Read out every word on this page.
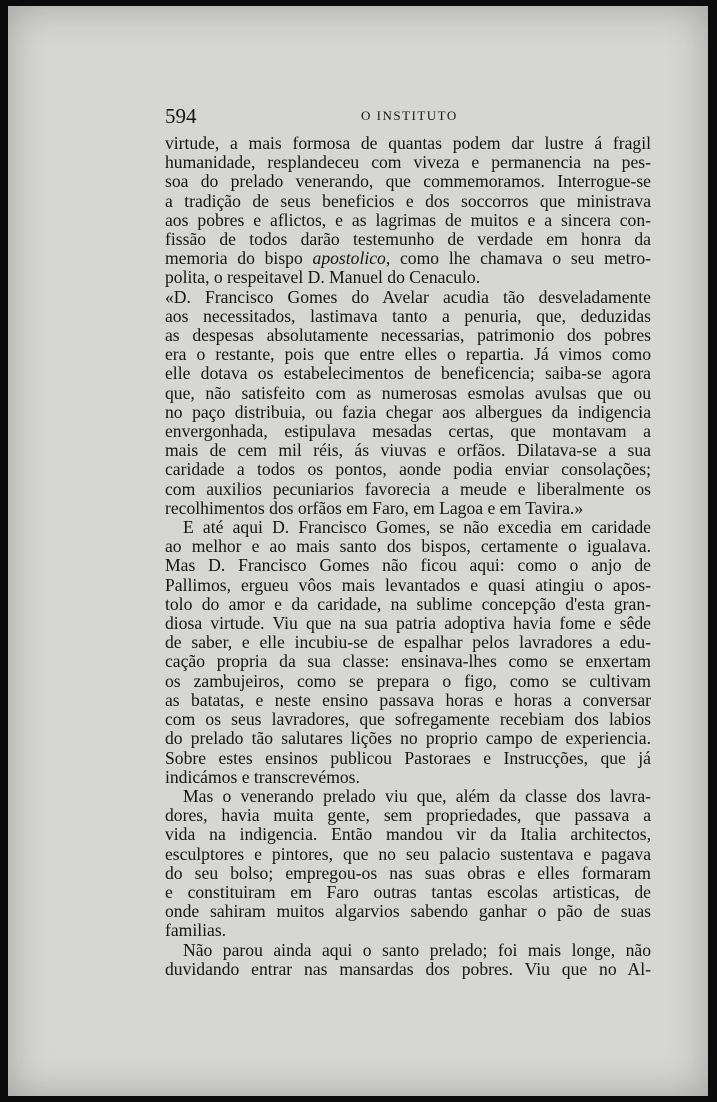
594	O INSTITUTO
virtude, a mais formosa de quantas podem dar lustre á fragil
humanidade, resplandeceu com viveza e permanencia na pes-
soa do prelado venerando, que commemoramos. Interrogue-se
a tradição de seus beneficios e dos soccorros que ministrava
aos pobres e aflictos, e as lagrimas de muitos e a sincera con-
fissão de todos darão testemunho de verdade em honra da
memoria do bispo apostolico, como lhe chamava o seu metro-
polita, o respeitavel D. Manuel do Cenaculo.
«D. Francisco Gomes do Avelar acudia tão desveladamente
aos necessitados, lastimava tanto a penuria, que, deduzidas
as despesas absolutamente necessarias, patrimonio dos pobres
era o restante, pois que entre elles o repartia. Já vimos como
elle dotava os estabelecimentos de beneficencia; saiba-se agora
que, não satisfeito com as numerosas esmolas avulsas que ou
no paço distribuia, ou fazia chegar aos albergues da indigencia
envergonhada, estipulava mesadas certas, que montavam a
mais de cem mil réis, ás viuvas e orfãos. Dilatava-se a sua
caridade a todos os pontos, aonde podia enviar consolações;
com auxilios pecuniarios favorecia a meude e liberalmente os
recolhimentos dos orfãos em Faro, em Lagoa e em Tavira.»
E até aqui D. Francisco Gomes, se não excedia em caridade
ao melhor e ao mais santo dos bispos, certamente o igualava.
Mas D. Francisco Gomes não ficou aqui: como o anjo de
Pallimos, ergueu vôos mais levantados e quasi atingiu o apos-
tolo do amor e da caridade, na sublime concepção d'esta gran-
diosa virtude. Viu que na sua patria adoptiva havia fome e sêde
de saber, e elle incubiu-se de espalhar pelos lavradores a edu-
cação propria da sua classe: ensinava-lhes como se enxertam
os zambujeiros, como se prepara o figo, como se cultivam
as batatas, e neste ensino passava horas e horas a conversar
com os seus lavradores, que sofregamente recebiam dos labios
do prelado tão salutares lições no proprio campo de experiencia.
Sobre estes ensinos publicou Pastoraes e Instrucções, que já
indicámos e transcrevémos.
Mas o venerando prelado viu que, além da classe dos lavra-
dores, havia muita gente, sem propriedades, que passava a
vida na indigencia. Então mandou vir da Italia architectos,
esculptores e pintores, que no seu palacio sustentava e pagava
do seu bolso; empregou-os nas suas obras e elles formaram
e constituiram em Faro outras tantas escolas artisticas, de
onde sahiram muitos algarvios sabendo ganhar o pão de suas
familias.
Não parou ainda aqui o santo prelado; foi mais longe, não
duvidando entrar nas mansardas dos pobres. Viu que no Al-
